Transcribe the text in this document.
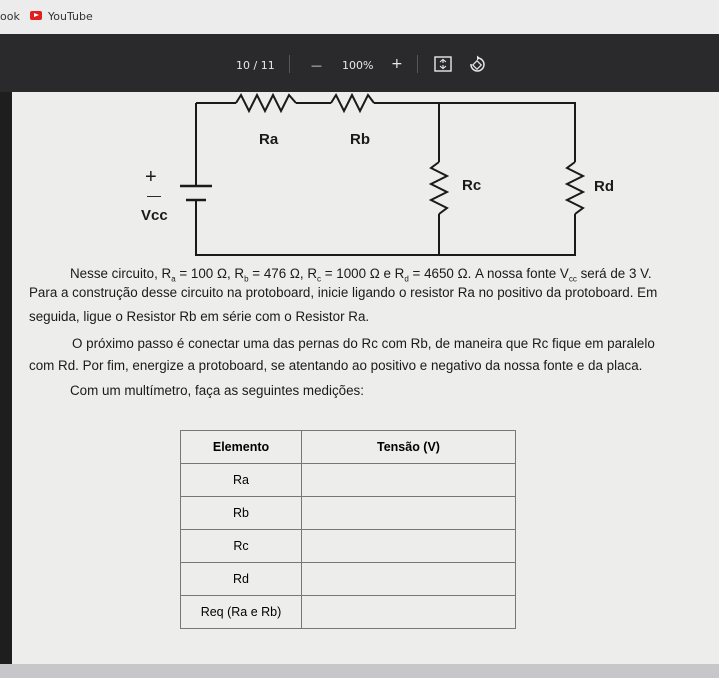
ook	YouTube
10 / 11	— 100% +
Ra	Rb
Rc	Rd
+
—
Vcc
Nesse circuito, $R_a = 100$ Ω, $R_b = 476$ Ω, $R_c = 1000$ Ω e $R_d = 4650$ Ω. A nossa fonte $V_{cc}$ será de 3 V.
Para a construção desse circuito na protoboard, inicie ligando o resistor Ra no positivo da protoboard. Em
seguida, ligue o Resistor Rb em série com o Resistor Ra.
O próximo passo é conectar uma das pernas do Rc com Rb, de maneira que Rc fique em paralelo
com Rd. Por fim, energize a protoboard, se atentando ao positivo e negativo da nossa fonte e da placa.
Com um multímetro, faça as seguintes medições:
Elemento	Tensão (V)
Ra	
Rb	
Rc	
Rd	
Req (Ra e Rb)	
